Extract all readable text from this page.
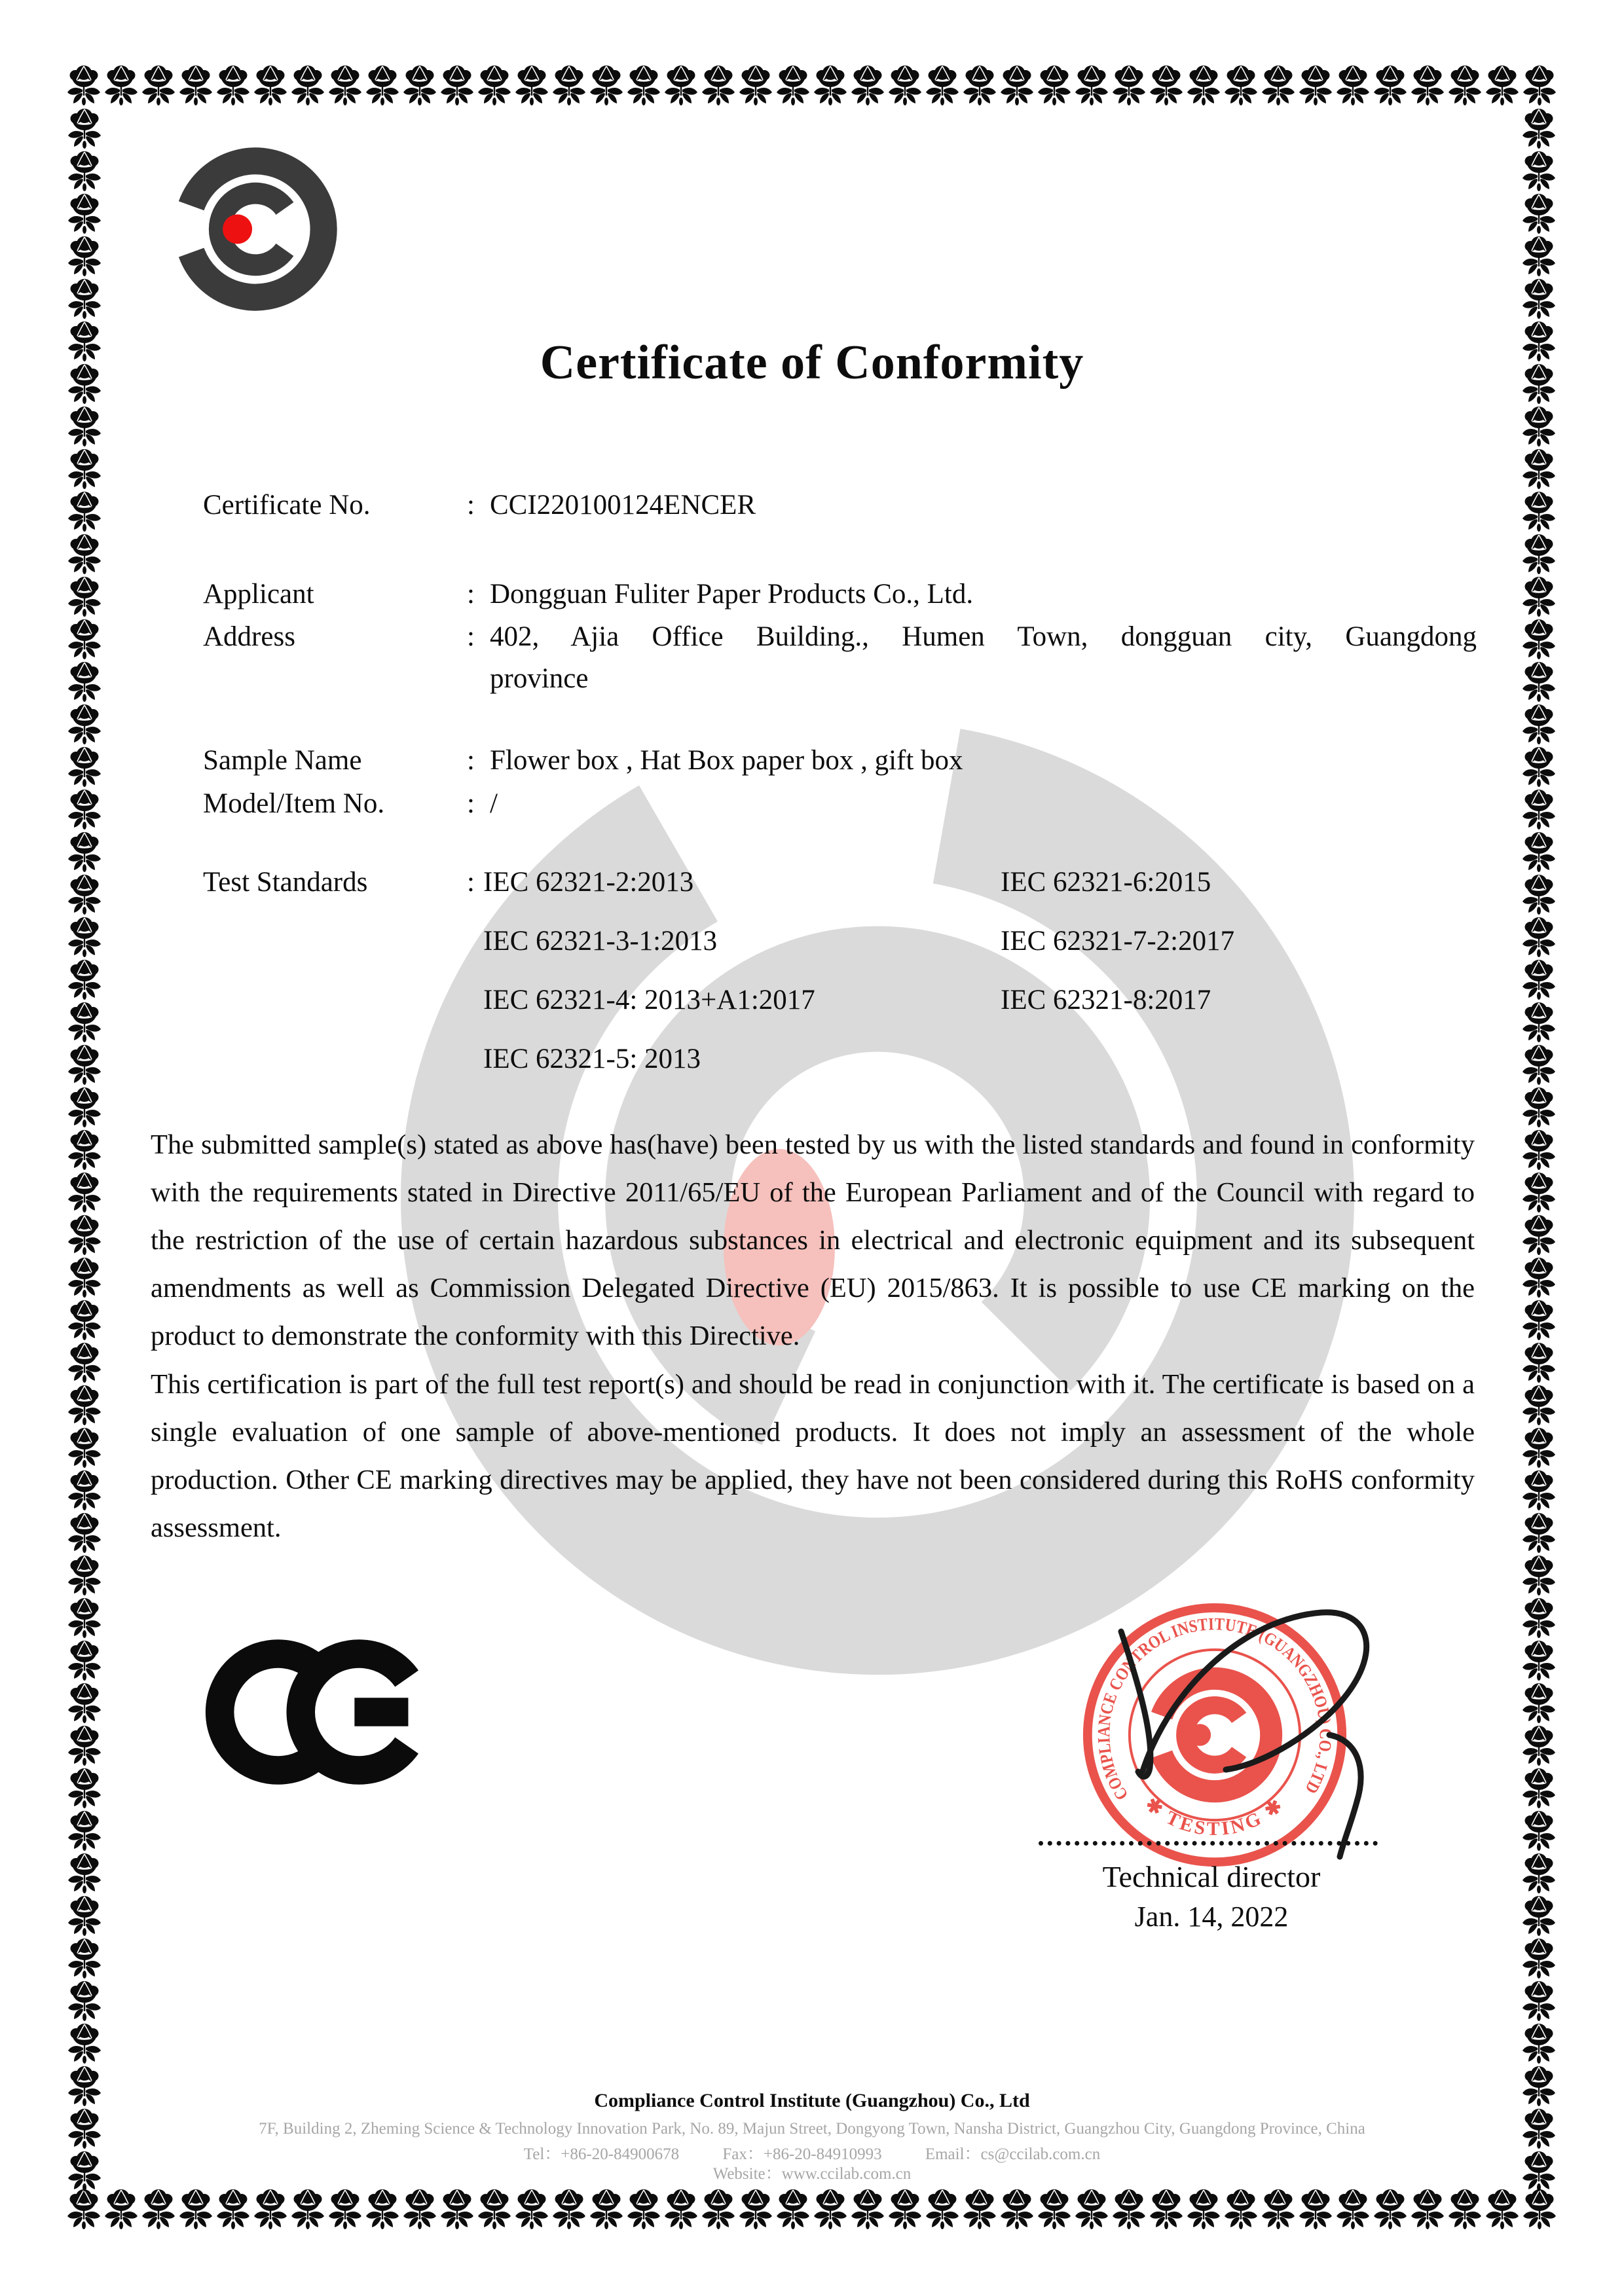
Certificate of Conformity
Certificate No.	: CCI220100124ENCER
Applicant	: Dongguan Fuliter Paper Products Co., Ltd.
Address	: 402, Ajia Office Building., Humen Town, dongguan city, Guangdong
province
Sample Name	: Flower box , Hat Box paper box , gift box
Model/Item No.	: /
Test Standards	: IEC 62321-2:2013	IEC 62321-6:2015
IEC 62321-3-1:2013	IEC 62321-7-2:2017
IEC 62321-4: 2013+A1:2017	IEC 62321-8:2017
IEC 62321-5: 2013
The submitted sample(s) stated as above has(have) been tested by us with the listed standards and found in conformity with the requirements stated in Directive 2011/65/EU of the European Parliament and of the Council with regard to the restriction of the use of certain hazardous substances in electrical and electronic equipment and its subsequent amendments as well as Commission Delegated Directive (EU) 2015/863. It is possible to use CE marking on the product to demonstrate the conformity with this Directive.
This certification is part of the full test report(s) and should be read in conjunction with it. The certificate is based on a single evaluation of one sample of above-mentioned products. It does not imply an assessment of the whole production. Other CE marking directives may be applied, they have not been considered during this RoHS conformity assessment.
COMPLIANCE CONTROL INSTITUTE (GUANGZHOU) CO., LTD
✱ TESTING ✱
Technical director
Jan. 14, 2022
Compliance Control Institute (Guangzhou) Co., Ltd
7F, Building 2, Zheming Science & Technology Innovation Park, No. 89, Majun Street, Dongyong Town, Nansha District, Guangzhou City, Guangdong Province, China
Tel：+86-20-84900678	Fax：+86-20-84910993	Email：cs@ccilab.com.cn
Website：www.ccilab.com.cn
